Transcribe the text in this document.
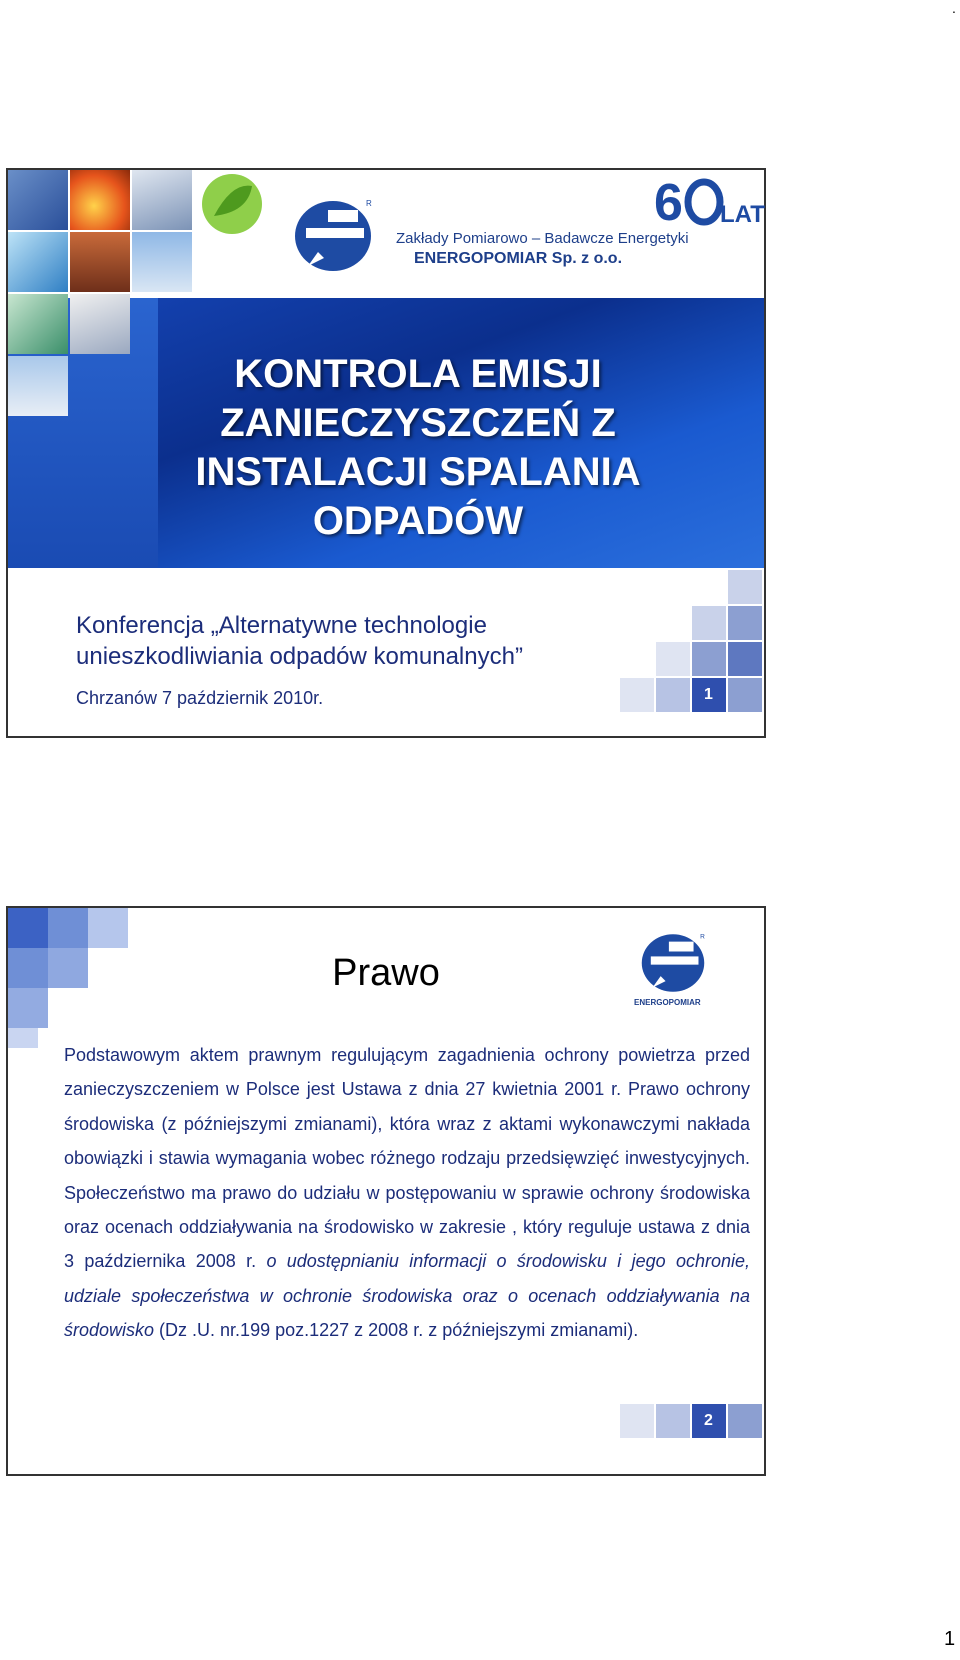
.
R
Zakłady Pomiarowo – Badawcze Energetyki
ENERGOPOMIAR Sp. z o.o.
6 LAT
KONTROLA EMISJI
ZANIECZYSZCZEŃ Z
INSTALACJI SPALANIA
ODPADÓW
Konferencja „Alternatywne technologie
unieszkodliwiania odpadów komunalnych”
Chrzanów 7 październik 2010r.	1
Prawo
R
ENERGOPOMIAR
Podstawowym aktem prawnym regulującym zagadnienia ochrony powietrza przed zanieczyszczeniem w Polsce jest Ustawa z dnia 27 kwietnia 2001 r. Prawo ochrony środowiska (z późniejszymi zmianami), która wraz z aktami wykonawczymi nakłada obowiązki i stawia wymagania wobec różnego rodzaju przedsięwzięć inwestycyjnych. Społeczeństwo ma prawo do udziału w postępowaniu w sprawie ochrony środowiska oraz ocenach oddziaływania na środowisko w zakresie , który reguluje ustawa z dnia 3 października 2008 r. o udostępnianiu informacji o środowisku i jego ochronie, udziale społeczeństwa w ochronie środowiska oraz o ocenach oddziaływania na środowisko (Dz .U. nr.199 poz.1227 z 2008 r. z późniejszymi zmianami).
2
1
